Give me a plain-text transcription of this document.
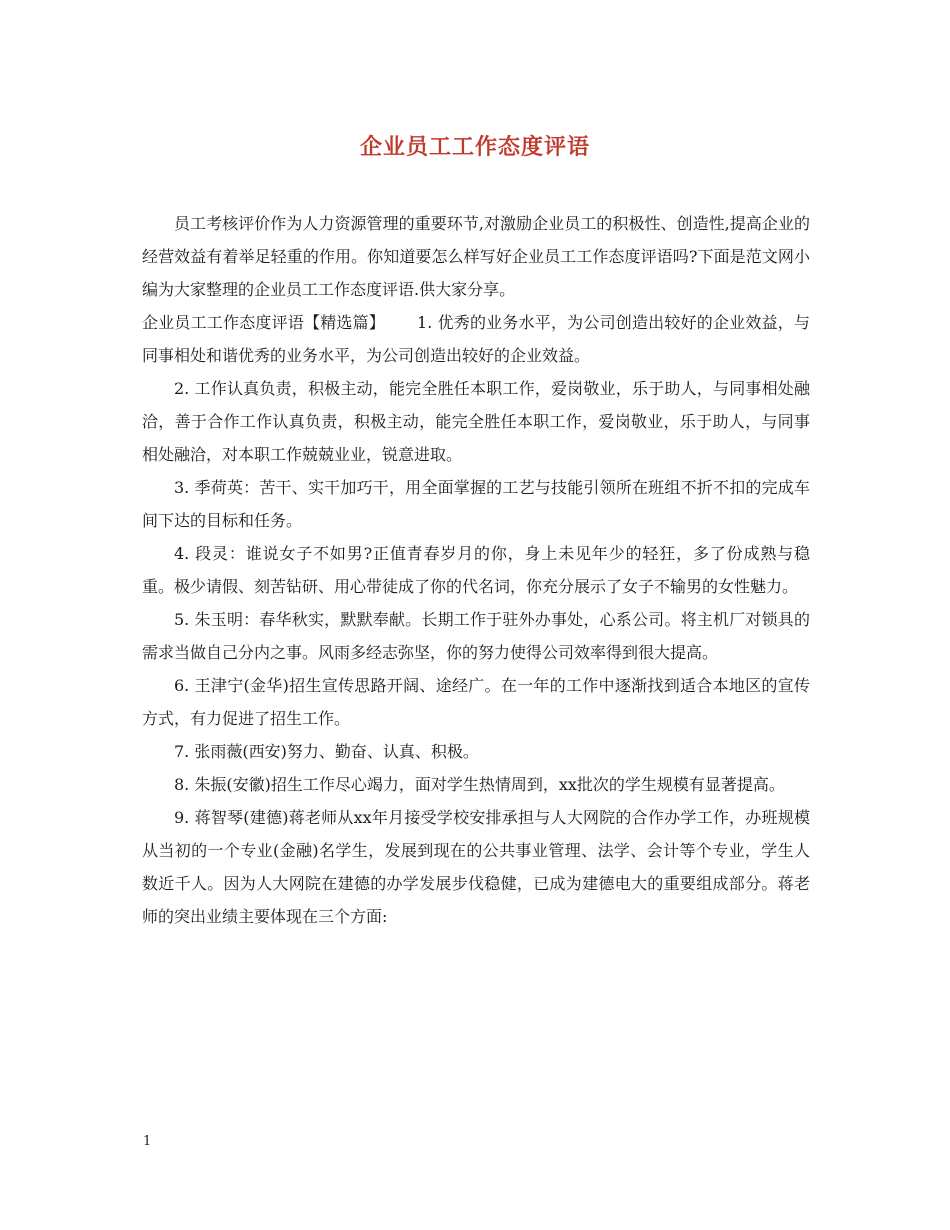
企业员工工作态度评语

员工考核评价作为人力资源管理的重要环节,对激励企业员工的积极性、创造性,提高企业的经营效益有着举足轻重的作用。你知道要怎么样写好企业员工工作态度评语吗?下面是范文网小编为大家整理的企业员工工作态度评语.供大家分享。

企业员工工作态度评语【精选篇】   1. 优秀的业务水平，为公司创造出较好的企业效益，与同事相处和谐优秀的业务水平，为公司创造出较好的企业效益。

2. 工作认真负责，积极主动，能完全胜任本职工作，爱岗敬业，乐于助人，与同事相处融洽，善于合作工作认真负责，积极主动，能完全胜任本职工作，爱岗敬业，乐于助人，与同事相处融洽，对本职工作兢兢业业，锐意进取。

3. 季荷英：苦干、实干加巧干，用全面掌握的工艺与技能引领所在班组不折不扣的完成车间下达的目标和任务。

4. 段灵：谁说女子不如男?正值青春岁月的你，身上未见年少的轻狂，多了份成熟与稳重。极少请假、刻苦钻研、用心带徒成了你的代名词，你充分展示了女子不输男的女性魅力。

5. 朱玉明：春华秋实，默默奉献。长期工作于驻外办事处，心系公司。将主机厂对锁具的需求当做自己分内之事。风雨多经志弥坚，你的努力使得公司效率得到很大提高。

6. 王津宁(金华)招生宣传思路开阔、途经广。在一年的工作中逐渐找到适合本地区的宣传方式，有力促进了招生工作。

7. 张雨薇(西安)努力、勤奋、认真、积极。

8. 朱振(安徽)招生工作尽心竭力，面对学生热情周到，xx批次的学生规模有显著提高。

9. 蒋智琴(建德)蒋老师从xx年月接受学校安排承担与人大网院的合作办学工作，办班规模从当初的一个专业(金融)名学生，发展到现在的公共事业管理、法学、会计等个专业，学生人数近千人。因为人大网院在建德的办学发展步伐稳健，已成为建德电大的重要组成部分。蒋老师的突出业绩主要体现在三个方面:

1
